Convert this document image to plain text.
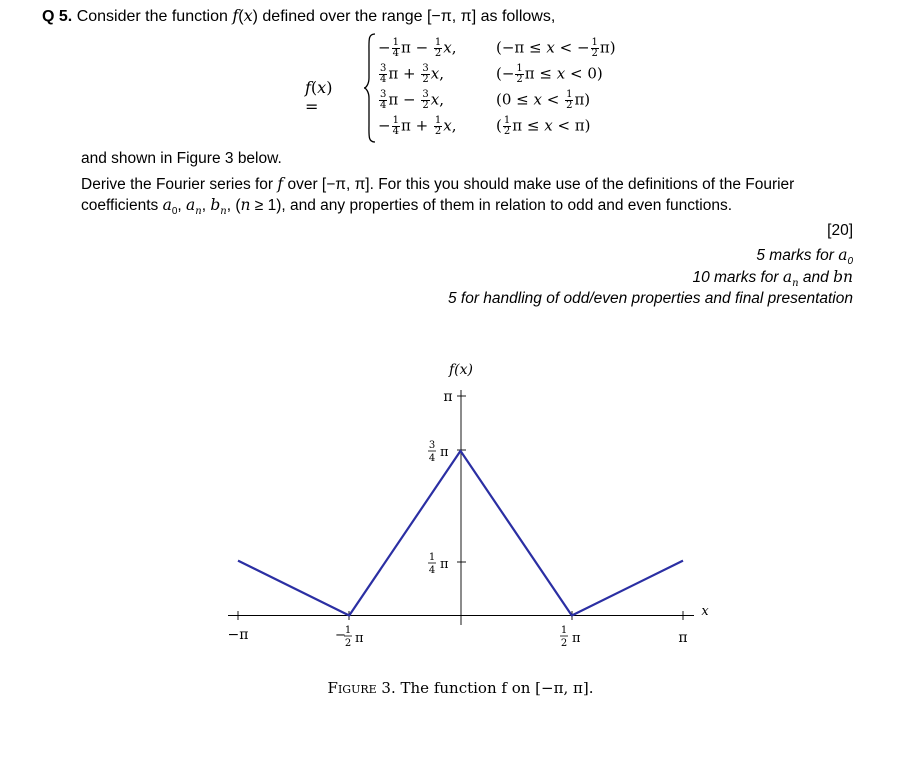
Q 5. Consider the function f(x) defined over the range [−π, π] as follows,
f(x) =
− $\frac{1}{4}$ $\pi - \frac{1}{2} x$,	(−π ≤ x < − $\frac{1}{2} \pi$)
$\frac{3}{4}$ $\pi + \frac{3}{2} x$,	(− $\frac{1}{2}$ π ≤ x < 0)
$\frac{3}{4}$ $\pi - \frac{3}{2} x$,	$(0 \le x < \frac{1}{2} \pi)$
− $\frac{1}{4}$ $\pi + \frac{1}{2} x$,	( $\frac{1}{2}$ π ≤ x < π)
and shown in Figure 3 below.
Derive the Fourier series for f over [−π, π]. For this you should make use of the definitions of the Fourier coefficients $a_0$, $a_n$, $b_n$, (n ≥ 1), and any properties of them in relation to odd and even functions.
[20]
5 marks for $a_0$
10 marks for $a_n$ and bn
5 for handling of odd/even properties and final presentation
f(x)
x
−π	−
1
2 π
1
2 π	π
π
3
4 π
1
4 π
Figure 3. The function f on [−π, π].
